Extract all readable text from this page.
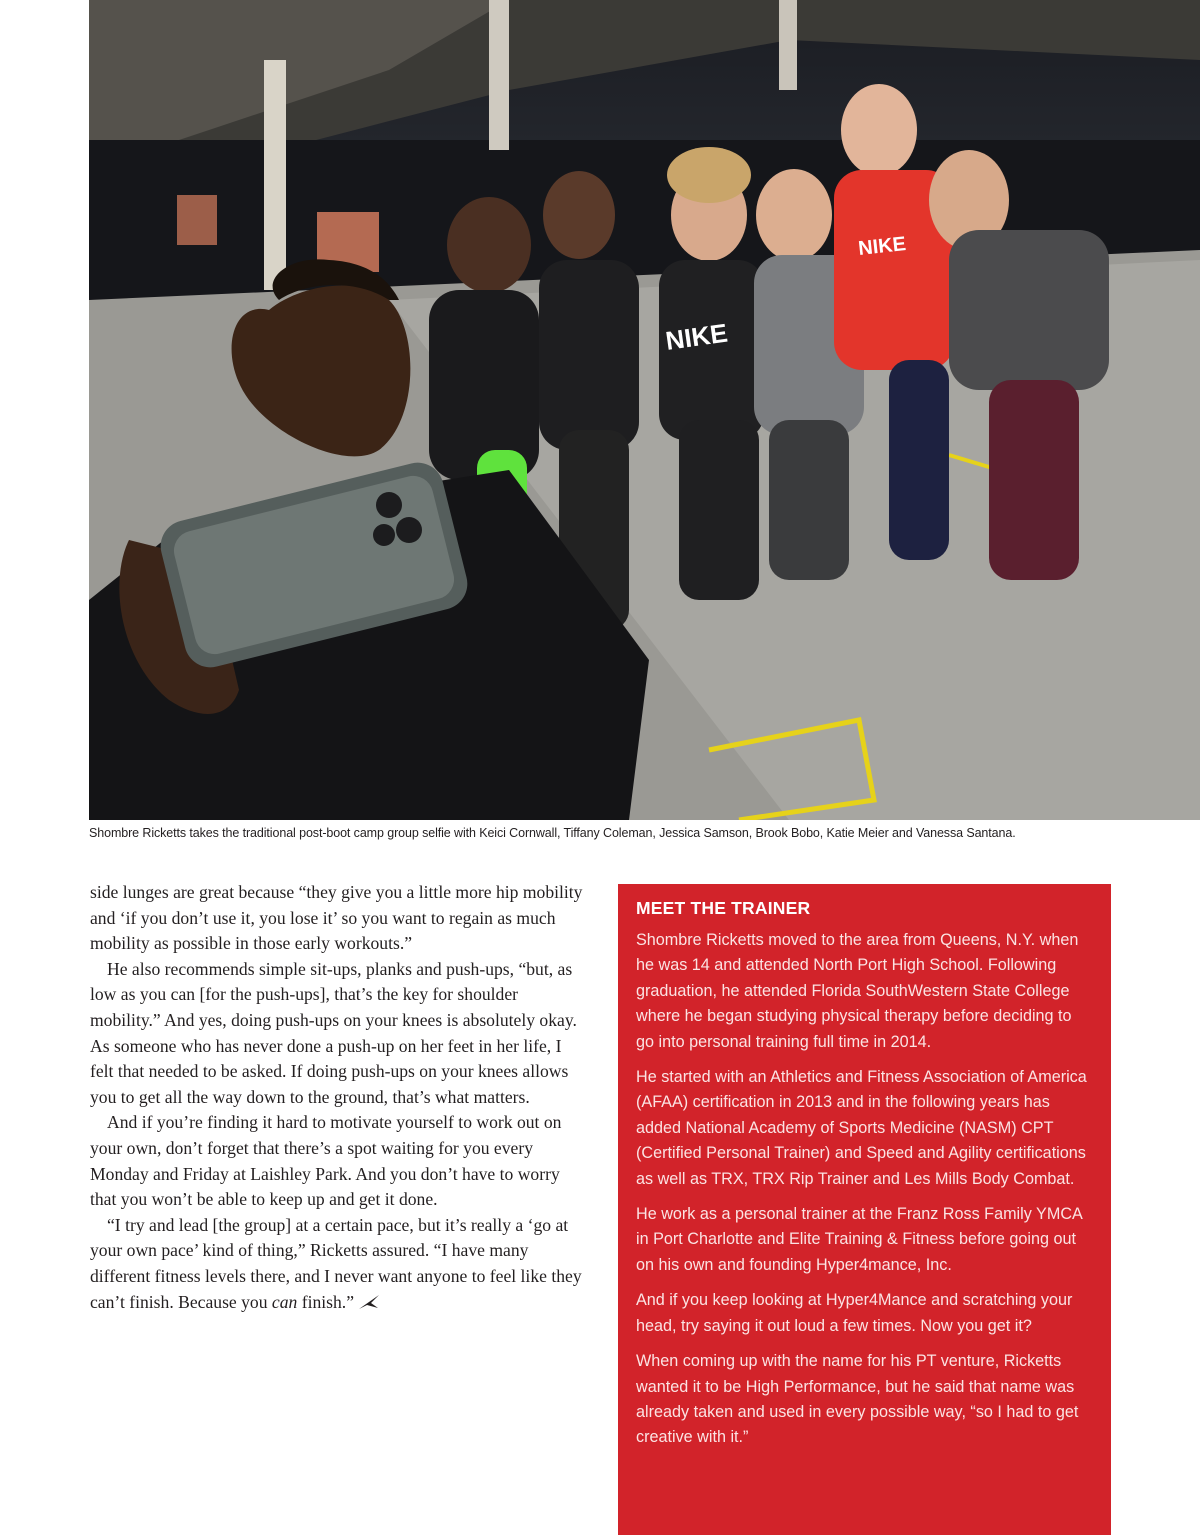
NIKE
NIKE
Shombre Ricketts takes the traditional post-boot camp group selfie with Keici Cornwall, Tiffany Coleman, Jessica Samson, Brook Bobo, Katie Meier and Vanessa Santana.

side lunges are great because “they give you a little more hip mobility and ‘if you don’t use it, you lose it’ so you want to regain as much mobility as possible in those early workouts.”

He also recommends simple sit-ups, planks and push-ups, “but, as low as you can [for the push-ups], that’s the key for shoulder mobility.” And yes, doing push-ups on your knees is absolutely okay. As someone who has never done a push-up on her feet in her life, I felt that needed to be asked. If doing push-ups on your knees allows you to get all the way down to the ground, that’s what matters.

And if you’re finding it hard to motivate yourself to work out on your own, don’t forget that there’s a spot waiting for you every Monday and Friday at Laishley Park. And you don’t have to worry that you won’t be able to keep up and get it done.

“I try and lead [the group] at a certain pace, but it’s really a ‘go at your own pace’ kind of thing,” Ricketts assured. “I have many different fitness levels there, and I never want anyone to feel like they can’t finish. Because you can finish.”

MEET THE TRAINER

Shombre Ricketts moved to the area from Queens, N.Y. when he was 14 and attended North Port High School. Following graduation, he attended Florida SouthWestern State College where he began studying physical therapy before deciding to go into personal training full time in 2014.

He started with an Athletics and Fitness Association of America (AFAA) certification in 2013 and in the following years has added National Academy of Sports Medicine (NASM) CPT (Certified Personal Trainer) and Speed and Agility certifications as well as TRX, TRX Rip Trainer and Les Mills Body Combat.

He work as a personal trainer at the Franz Ross Family YMCA in Port Charlotte and Elite Training & Fitness before going out on his own and founding Hyper4mance, Inc.

And if you keep looking at Hyper4Mance and scratching your head, try saying it out loud a few times. Now you get it?

When coming up with the name for his PT venture, Ricketts wanted it to be High Performance, but he said that name was already taken and used in every possible way, “so I had to get creative with it.”
